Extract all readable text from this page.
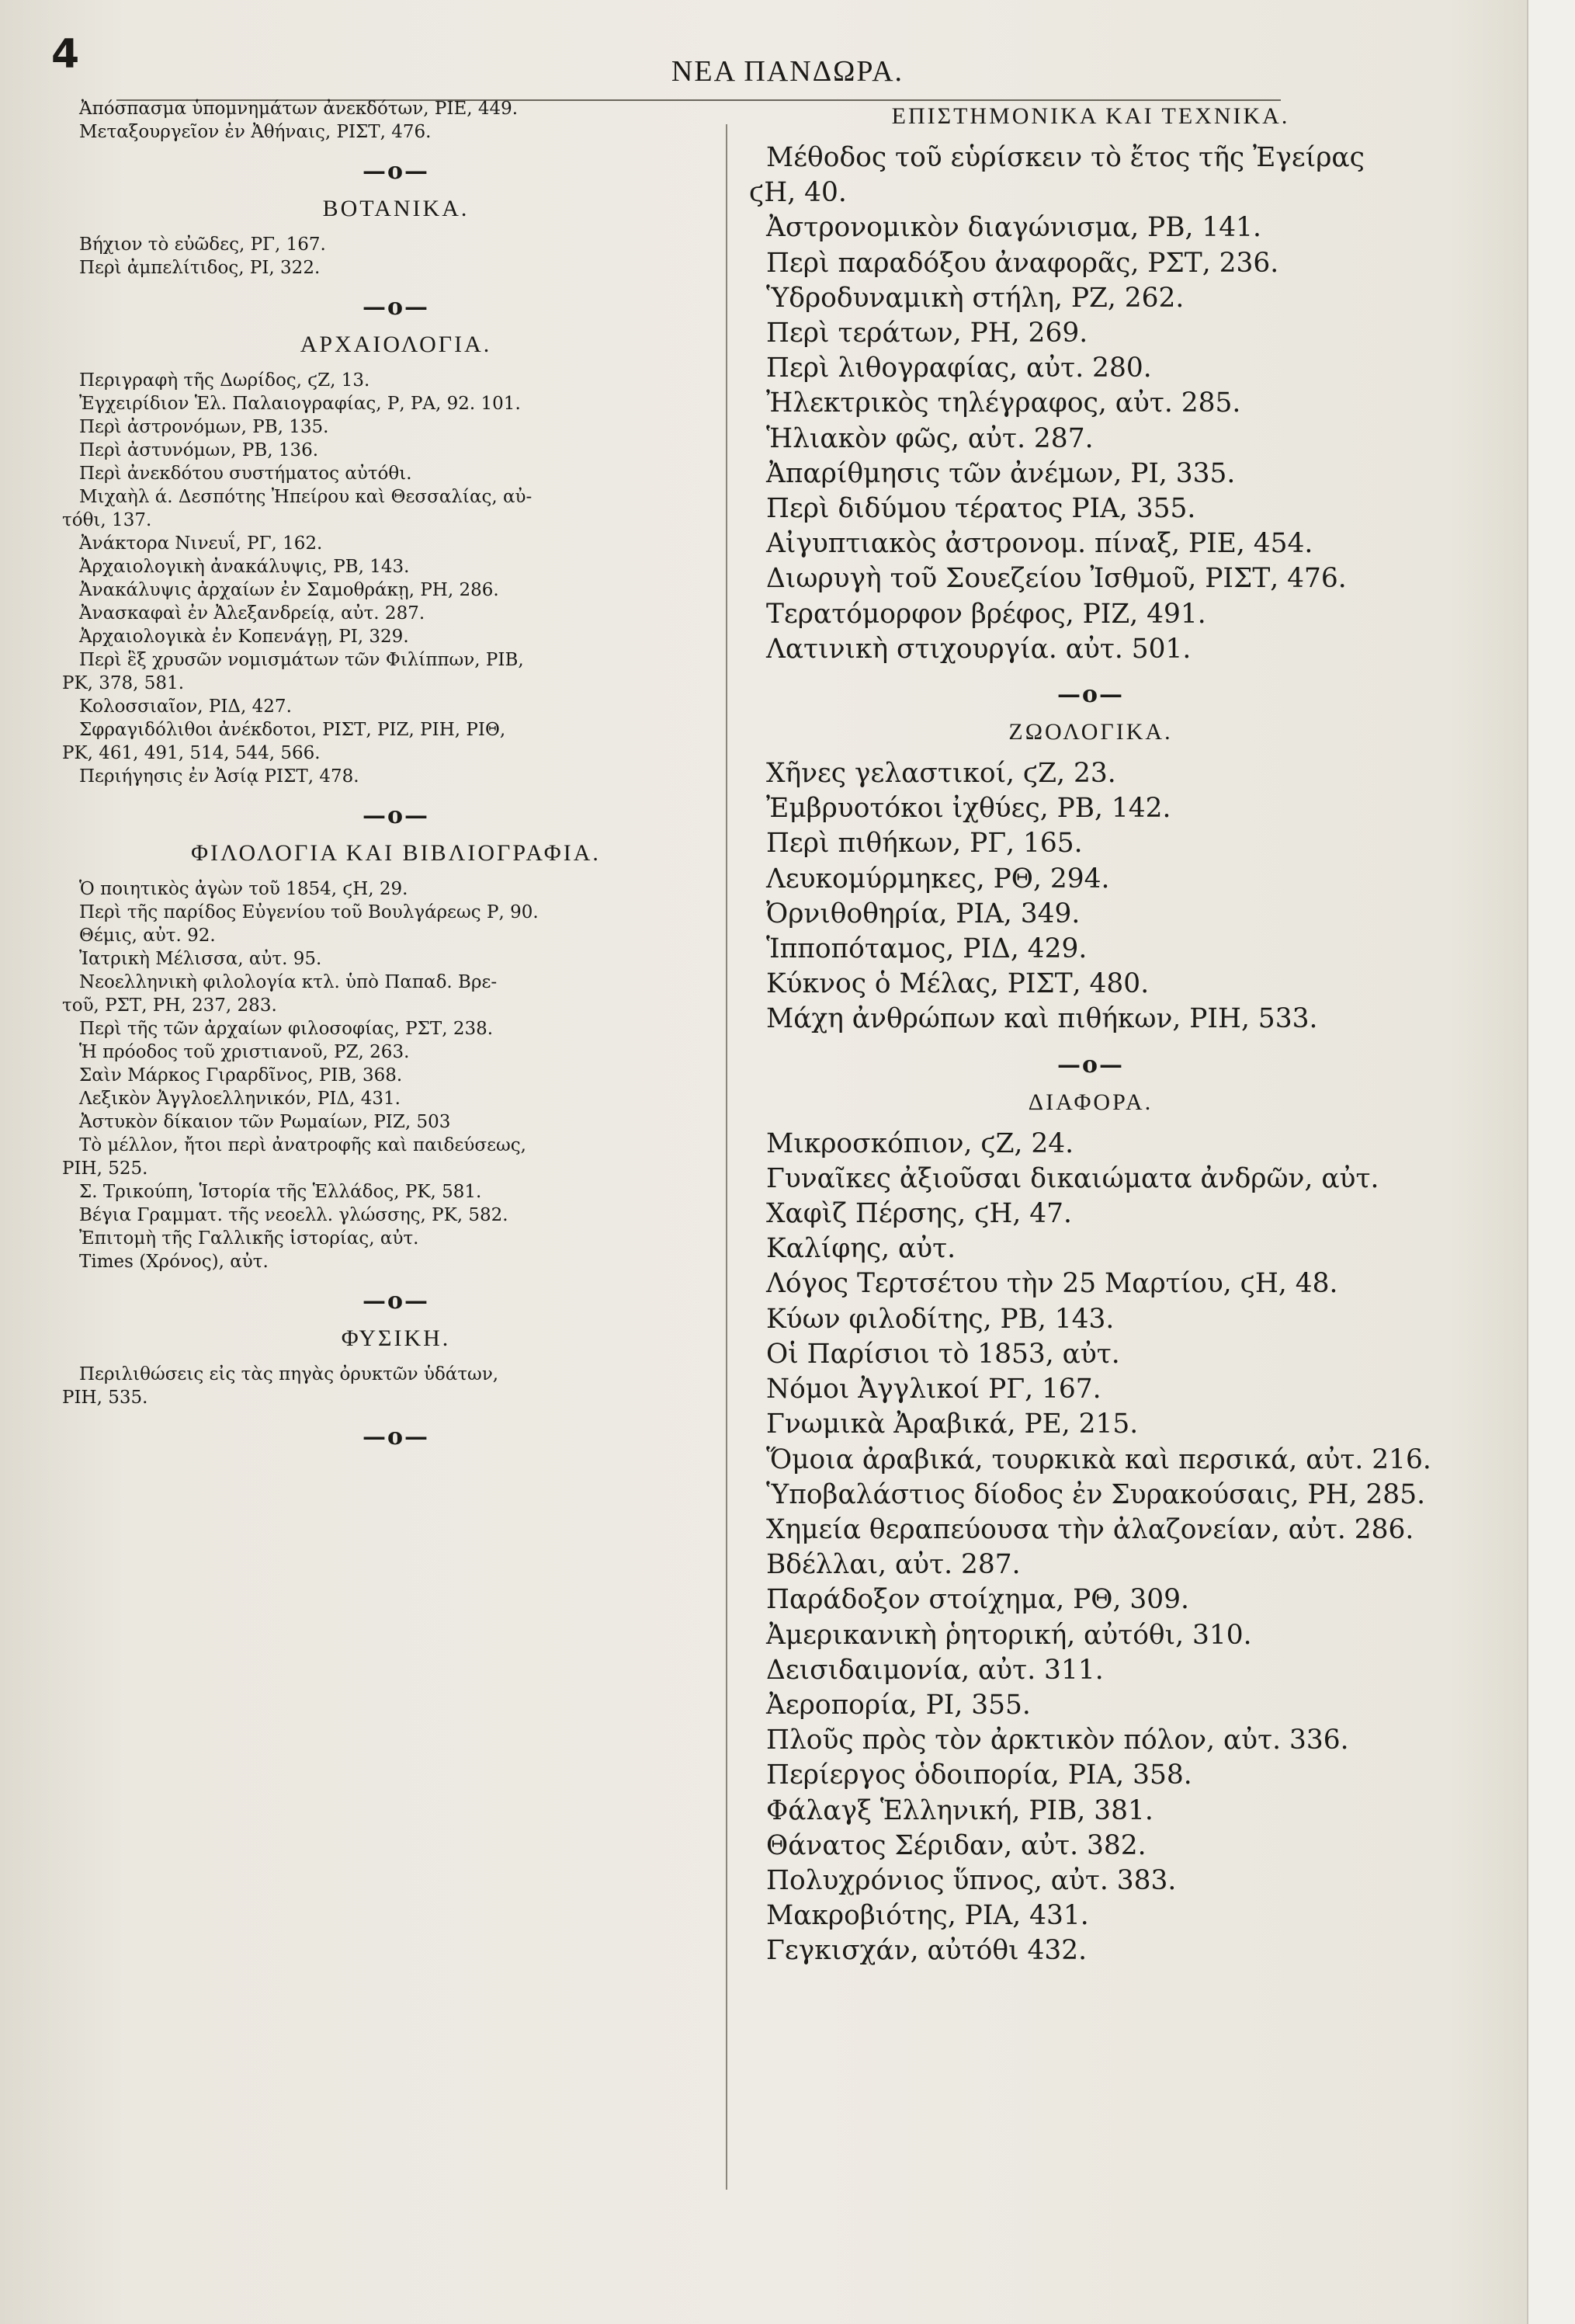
4	ΝΕΑ ΠΑΝΔΩΡΑ.
Ἀπόσπασμα ὑπομνημάτων ἀνεκδότων, ΡΙΕ, 449.
Μεταξουργεῖον ἐν Ἀθήναις, ΡΙΣΤ, 476.
—o—
ΒΟΤΑΝΙΚΑ.
Βήχιον τὸ εὐῶδες, ΡΓ, 167.
Περὶ ἀμπελίτιδος, ΡΙ, 322.
—o—
ΑΡΧΑΙΟΛΟΓΙΑ.
Περιγραφὴ τῆς Δωρίδος, ϛΖ, 13.
Ἐγχειρίδιον Ἑλ. Παλαιογραφίας, Ρ, ΡΑ, 92. 101.
Περὶ ἀστρονόμων, ΡΒ, 135.
Περὶ ἀστυνόμων, ΡΒ, 136.
Περὶ ἀνεκδότου συστήματος αὐτόθι.
Μιχαὴλ ά. Δεσπότης Ἠπείρου καὶ Θεσσαλίας, αὐ-
τόθι, 137.
Ἀνάκτορα Νινευΐ, ΡΓ, 162.
Ἀρχαιολογικὴ ἀνακάλυψις, ΡΒ, 143.
Ἀνακάλυψις ἀρχαίων ἐν Σαμοθράκῃ, ΡΗ, 286.
Ἀνασκαφαὶ ἐν Ἀλεξανδρείᾳ, αὐτ. 287.
Ἀρχαιολογικὰ ἐν Κοπενάγῃ, ΡΙ, 329.
Περὶ ἓξ χρυσῶν νομισμάτων τῶν Φιλίππων, ΡΙΒ,
ΡΚ, 378, 581.
Κολοσσιαῖον, ΡΙΔ, 427.
Σφραγιδόλιθοι ἀνέκδοτοι, ΡΙΣΤ, ΡΙΖ, ΡΙΗ, ΡΙΘ,
ΡΚ, 461, 491, 514, 544, 566.
Περιήγησις ἐν Ἀσίᾳ ΡΙΣΤ, 478.
—o—
ΦΙΛΟΛΟΓΙΑ ΚΑΙ ΒΙΒΛΙΟΓΡΑΦΙΑ.
Ὁ ποιητικὸς ἀγὼν τοῦ 1854, ϛΗ, 29.
Περὶ τῆς παρίδος Εὐγενίου τοῦ Βουλγάρεως Ρ, 90.
Θέμις, αὐτ. 92.
Ἰατρικὴ Μέλισσα, αὐτ. 95.
Νεοελληνικὴ φιλολογία κτλ. ὑπὸ Παπαδ. Βρε-
τοῦ, ΡΣΤ, ΡΗ, 237, 283.
Περὶ τῆς τῶν ἀρχαίων φιλοσοφίας, ΡΣΤ, 238.
Ἡ πρόοδος τοῦ χριστιανοῦ, ΡΖ, 263.
Σαὶν Μάρκος Γιραρδῖνος, ΡΙΒ, 368.
Λεξικὸν Ἀγγλοελληνικόν, ΡΙΔ, 431.
Ἀστυκὸν δίκαιον τῶν Ρωμαίων, ΡΙΖ, 503
Τὸ μέλλον, ἤτοι περὶ ἀνατροφῆς καὶ παιδεύσεως,
ΡΙΗ, 525.
Σ. Τρικούπη, Ἱστορία τῆς Ἑλλάδος, ΡΚ, 581.
Βέγια Γραμματ. τῆς νεοελλ. γλώσσης, ΡΚ, 582.
Ἐπιτομὴ τῆς Γαλλικῆς ἱστορίας, αὐτ.
Times (Χρόνος), αὐτ.
—o—
ΦΥΣΙΚΗ.
Περιλιθώσεις εἰς τὰς πηγὰς ὀρυκτῶν ὑδάτων,
ΡΙΗ, 535.
—o—
ΕΠΙΣΤΗΜΟΝΙΚΑ ΚΑΙ ΤΕΧΝΙΚΑ.
Μέθοδος τοῦ εὑρίσκειν τὸ ἔτος τῆς Ἐγείρας
ϛΗ, 40.
Ἀστρονομικὸν διαγώνισμα, ΡΒ, 141.
Περὶ παραδόξου ἀναφορᾶς, ΡΣΤ, 236.
Ὑδροδυναμικὴ στήλη, ΡΖ, 262.
Περὶ τεράτων, ΡΗ, 269.
Περὶ λιθογραφίας, αὐτ. 280.
Ἠλεκτρικὸς τηλέγραφος, αὐτ. 285.
Ἡλιακὸν φῶς, αὐτ. 287.
Ἀπαρίθμησις τῶν ἀνέμων, ΡΙ, 335.
Περὶ διδύμου τέρατος ΡΙΑ, 355.
Αἰγυπτιακὸς ἀστρονομ. πίναξ, ΡΙΕ, 454.
Διωρυγὴ τοῦ Σουεζείου Ἰσθμοῦ, ΡΙΣΤ, 476.
Τερατόμορφον βρέφος, ΡΙΖ, 491.
Λατινικὴ στιχουργία. αὐτ. 501.
—o—
ΖΩΟΛΟΓΙΚΑ.
Χῆνες γελαστικοί, ϛΖ, 23.
Ἐμβρυοτόκοι ἰχθύες, ΡΒ, 142.
Περὶ πιθήκων, ΡΓ, 165.
Λευκομύρμηκες, ΡΘ, 294.
Ὀρνιθοθηρία, ΡΙΑ, 349.
Ἱπποπόταμος, ΡΙΔ, 429.
Κύκνος ὁ Μέλας, ΡΙΣΤ, 480.
Μάχη ἀνθρώπων καὶ πιθήκων, ΡΙΗ, 533.
—o—
ΔΙΑΦΟΡΑ.
Μικροσκόπιον, ϛΖ, 24.
Γυναῖκες ἀξιοῦσαι δικαιώματα ἀνδρῶν, αὐτ.
Χαφὶζ Πέρσης, ϛΗ, 47.
Καλίφης, αὐτ.
Λόγος Τερτσέτου τὴν 25 Μαρτίου, ϛΗ, 48.
Κύων φιλοδίτης, ΡΒ, 143.
Οἱ Παρίσιοι τὸ 1853, αὐτ.
Νόμοι Ἀγγλικοί ΡΓ, 167.
Γνωμικὰ Ἀραβικά, ΡΕ, 215.
Ὅμοια ἀραβικά, τουρκικὰ καὶ περσικά, αὐτ. 216.
Ὑποβαλάστιος δίοδος ἐν Συρακούσαις, ΡΗ, 285.
Χημεία θεραπεύουσα τὴν ἀλαζονείαν, αὐτ. 286.
Βδέλλαι, αὐτ. 287.
Παράδοξον στοίχημα, ΡΘ, 309.
Ἀμερικανικὴ ῥητορική, αὐτόθι, 310.
Δεισιδαιμονία, αὐτ. 311.
Ἀεροπορία, ΡΙ, 355.
Πλοῦς πρὸς τὸν ἀρκτικὸν πόλον, αὐτ. 336.
Περίεργος ὁδοιπορία, ΡΙΑ, 358.
Φάλαγξ Ἑλληνική, ΡΙΒ, 381.
Θάνατος Σέριδαν, αὐτ. 382.
Πολυχρόνιος ὕπνος, αὐτ. 383.
Μακροβιότης, ΡΙΑ, 431.
Γεγκισχάν, αὐτόθι 432.
